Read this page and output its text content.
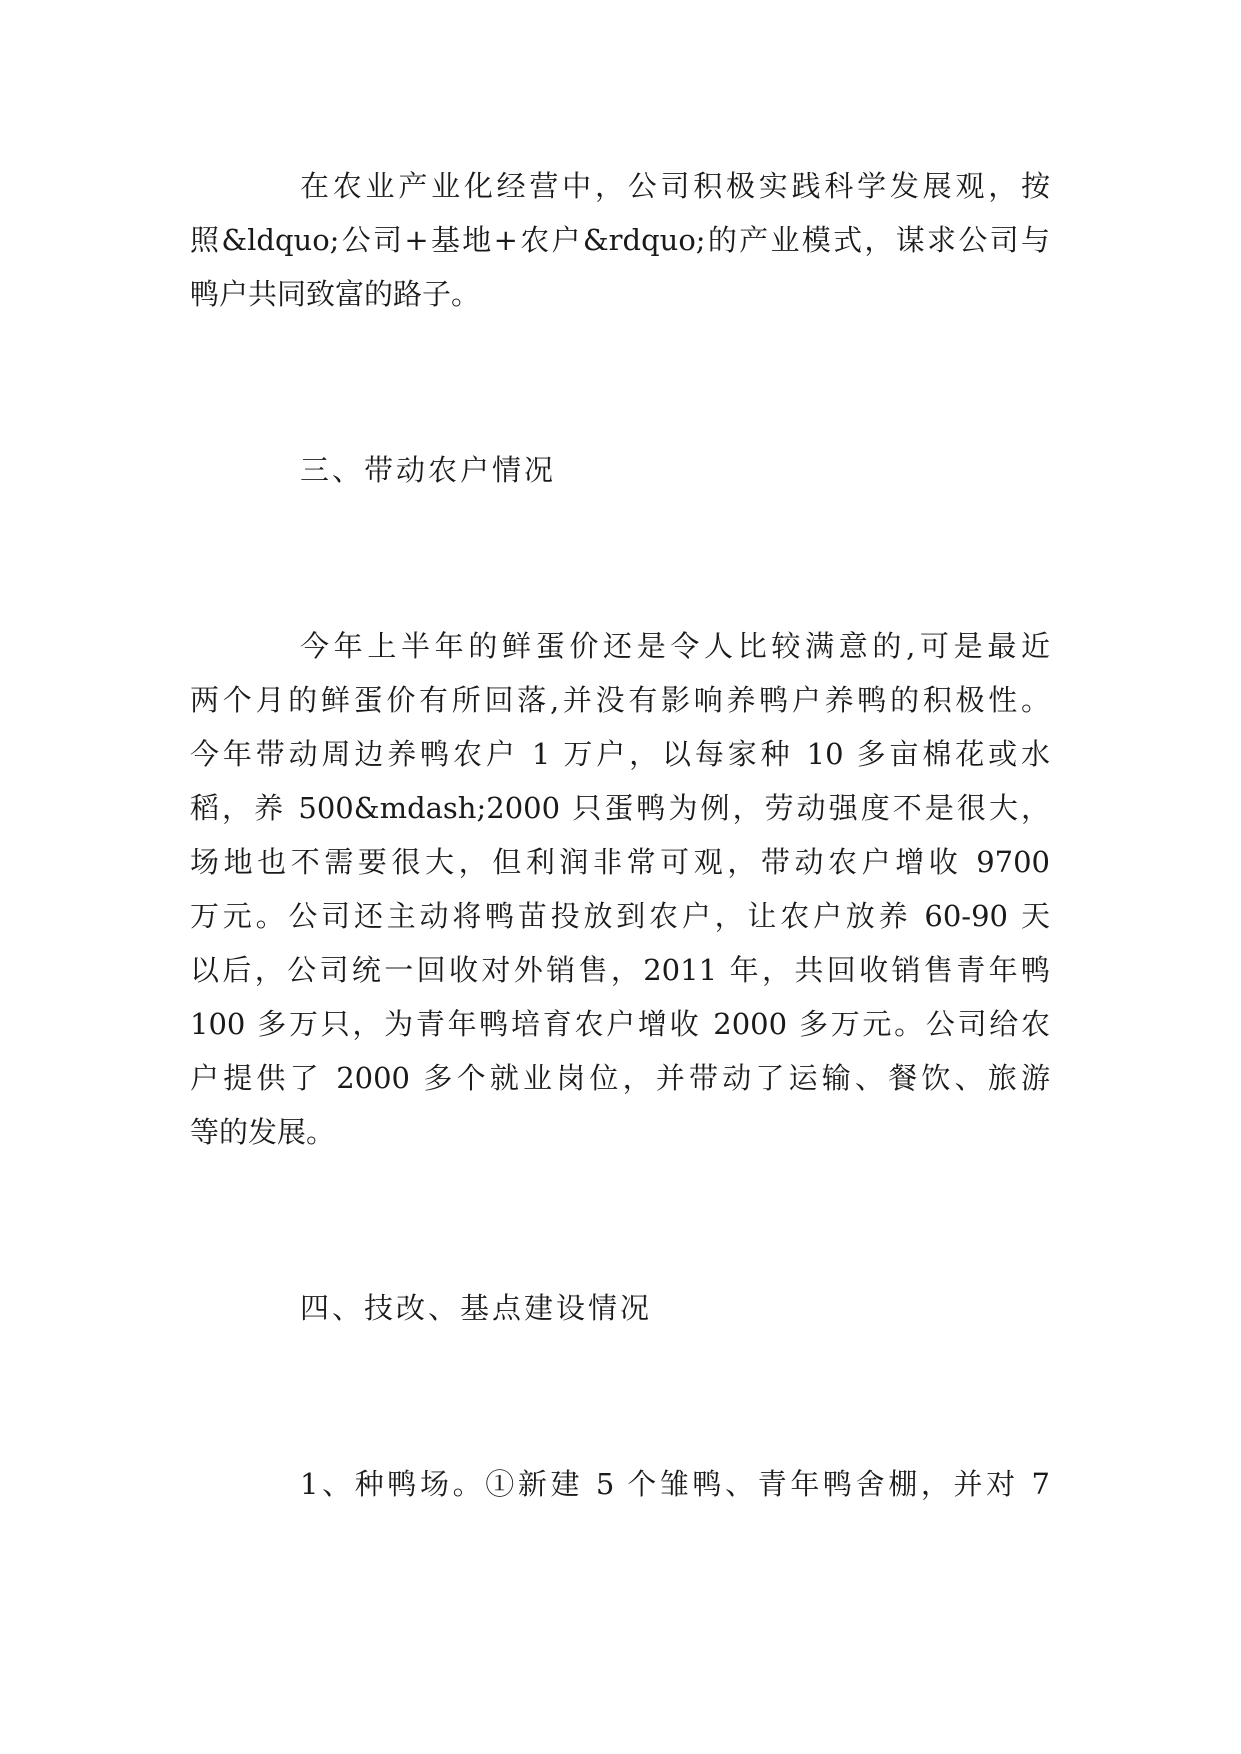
在农业产业化经营中，公司积极实践科学发展观，按
照&ldquo;公司+基地+农户&rdquo;的产业模式，谋求公司与
鸭户共同致富的路子。
三、带动农户情况
今年上半年的鲜蛋价还是令人比较满意的,可是最近
两个月的鲜蛋价有所回落,并没有影响养鸭户养鸭的积极性。
今年带动周边养鸭农户 1 万户，以每家种 10 多亩棉花或水
稻，养 500&mdash;2000 只蛋鸭为例，劳动强度不是很大，
场地也不需要很大，但利润非常可观，带动农户增收 9700
万元。公司还主动将鸭苗投放到农户，让农户放养 60-90 天
以后，公司统一回收对外销售，2011 年，共回收销售青年鸭
100 多万只，为青年鸭培育农户增收 2000 多万元。公司给农
户提供了 2000 多个就业岗位，并带动了运输、餐饮、旅游
等的发展。
四、技改、基点建设情况
1、种鸭场。①新建 5 个雏鸭、青年鸭舍棚，并对 7
